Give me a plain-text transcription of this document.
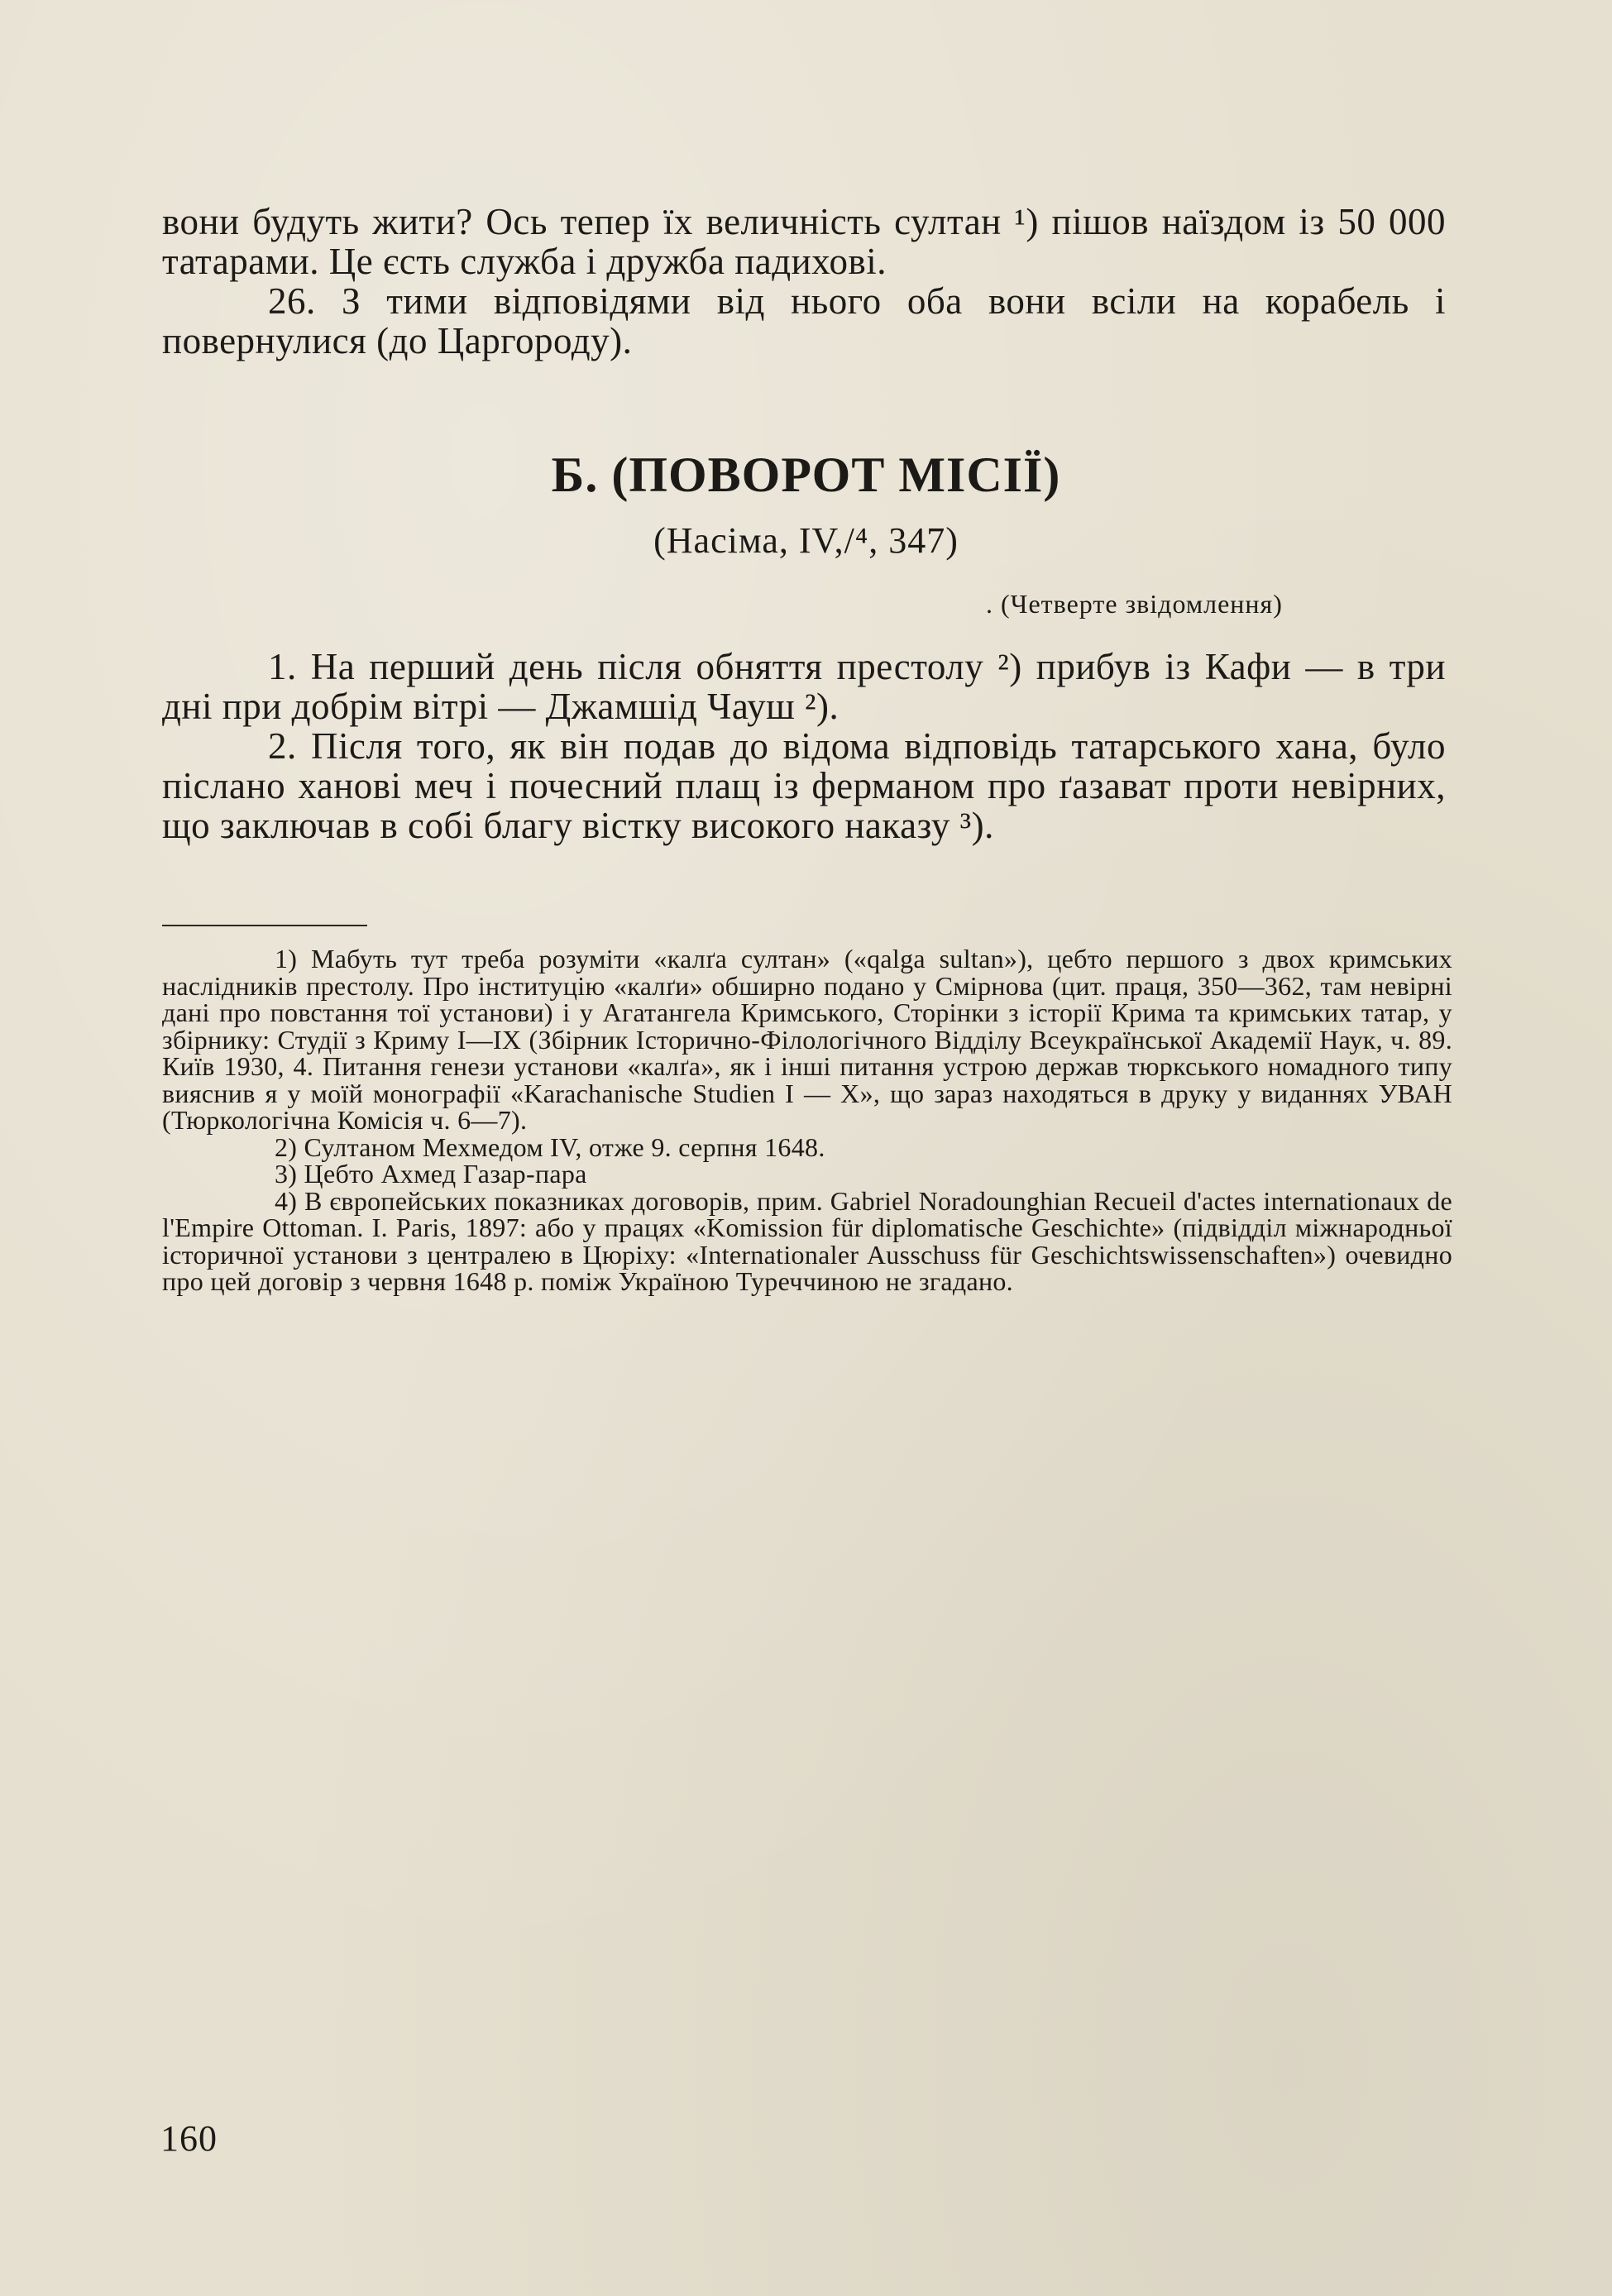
вони будуть жити? Ось тепер їх величність султан ¹) пішов наїздом із 50 000 татарами. Це єсть служба і дружба падихові.

26. З тими відповідями від нього оба вони всіли на корабель і повернулися (до Царгороду).

Б. (ПОВОРОТ МІСІЇ)
(Насіма, IV,/⁴, 347)
. (Четверте звідомлення)

1. На перший день після обняття престолу ²) прибув із Кафи — в три дні при добрім вітрі — Джамшід Чауш ²).

2. Після того, як він подав до відома відповідь татарського хана, було післано ханові меч і почесний плащ із ферманом про ґазават проти невірних, що заключав в собі благу вістку високого наказу ³).

1) Мабуть тут треба розуміти «калґа султан» («qalga sultan»), цебто першого з двох кримських наслідників престолу. Про інституцію «калґи» обширно подано у Смірнова (цит. праця, 350—362, там невірні дані про повстання тої установи) і у Агатангела Кримського, Сторінки з історії Крима та кримських татар, у збірнику: Студії з Криму I—IX (Збірник Історично-Філологічного Відділу Всеукраїнської Академії Наук, ч. 89. Київ 1930, 4. Питання генези установи «калґа», як і інші питання устрою держав тюркського номадного типу вияснив я у моїй монографії «Karachanische Studien I — X», що зараз находяться в друку у виданнях УВАН (Тюркологічна Комісія ч. 6—7).

2) Султаном Мехмедом IV, отже 9. серпня 1648.

3) Цебто Ахмед Газар-пара

4) В європейських показниках договорів, прим. Gabriel Noradounghian Recueil d'actes internationaux de l'Empire Ottoman. I. Paris, 1897: або у працях «Komission für diplomatische Geschichte» (підвідділ міжнародньої історичної установи з централею в Цюріху: «Internationaler Ausschuss für Geschichtswissenschaften») очевидно про цей договір з червня 1648 р. поміж Україною Туреччиною не згадано.

160
